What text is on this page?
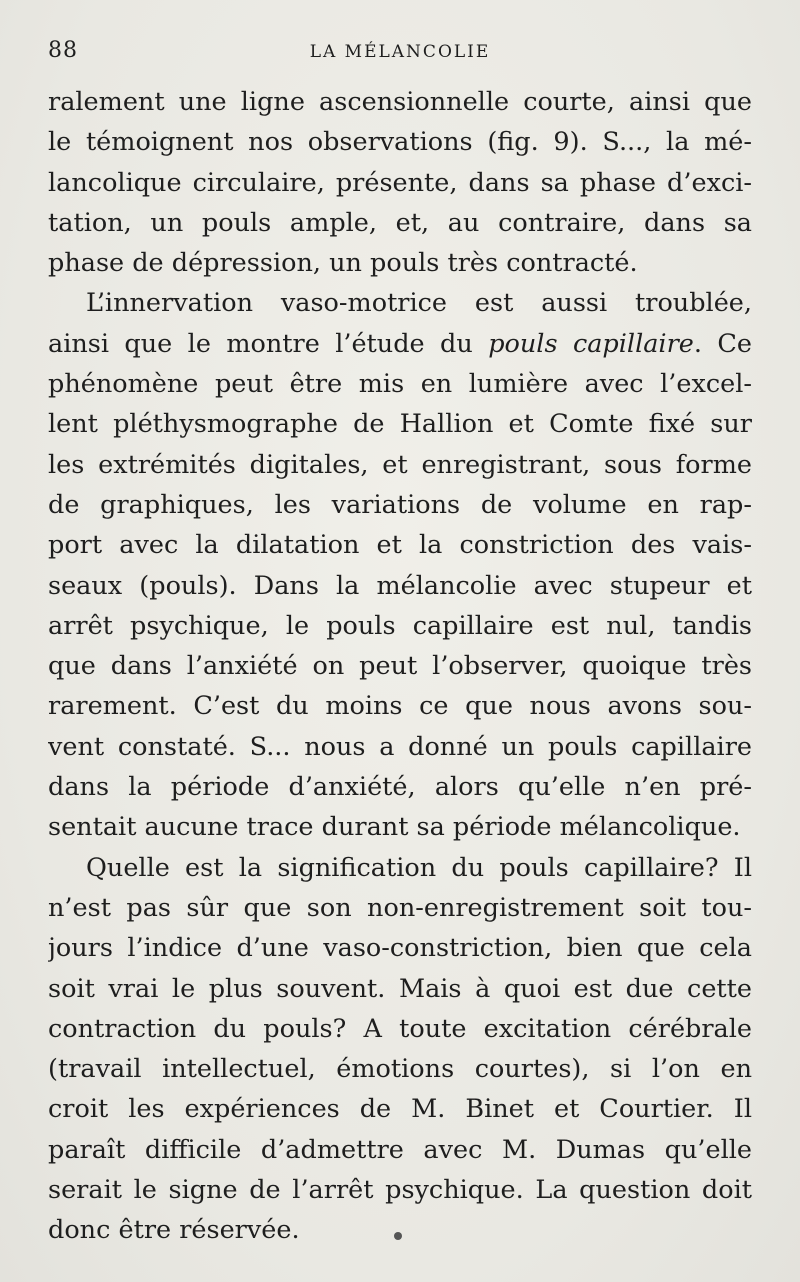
88	LA MÉLANCOLIE
ralement une ligne ascensionnelle courte, ainsi que
le témoignent nos observations (fig. 9). S..., la mé-
lancolique circulaire, présente, dans sa phase d’exci-
tation, un pouls ample, et, au contraire, dans sa
phase de dépression, un pouls très contracté.
L’innervation vaso-motrice est aussi troublée,
ainsi que le montre l’étude du pouls capillaire. Ce
phénomène peut être mis en lumière avec l’excel-
lent pléthysmographe de Hallion et Comte fixé sur
les extrémités digitales, et enregistrant, sous forme
de graphiques, les variations de volume en rap-
port avec la dilatation et la constriction des vais-
seaux (pouls). Dans la mélancolie avec stupeur et
arrêt psychique, le pouls capillaire est nul, tandis
que dans l’anxiété on peut l’observer, quoique très
rarement. C’est du moins ce que nous avons sou-
vent constaté. S... nous a donné un pouls capillaire
dans la période d’anxiété, alors qu’elle n’en pré-
sentait aucune trace durant sa période mélancolique.
Quelle est la signification du pouls capillaire? Il
n’est pas sûr que son non-enregistrement soit tou-
jours l’indice d’une vaso-constriction, bien que cela
soit vrai le plus souvent. Mais à quoi est due cette
contraction du pouls? A toute excitation cérébrale
(travail intellectuel, émotions courtes), si l’on en
croit les expériences de M. Binet et Courtier. Il
paraît difficile d’admettre avec M. Dumas qu’elle
serait le signe de l’arrêt psychique. La question doit
donc être réservée.
